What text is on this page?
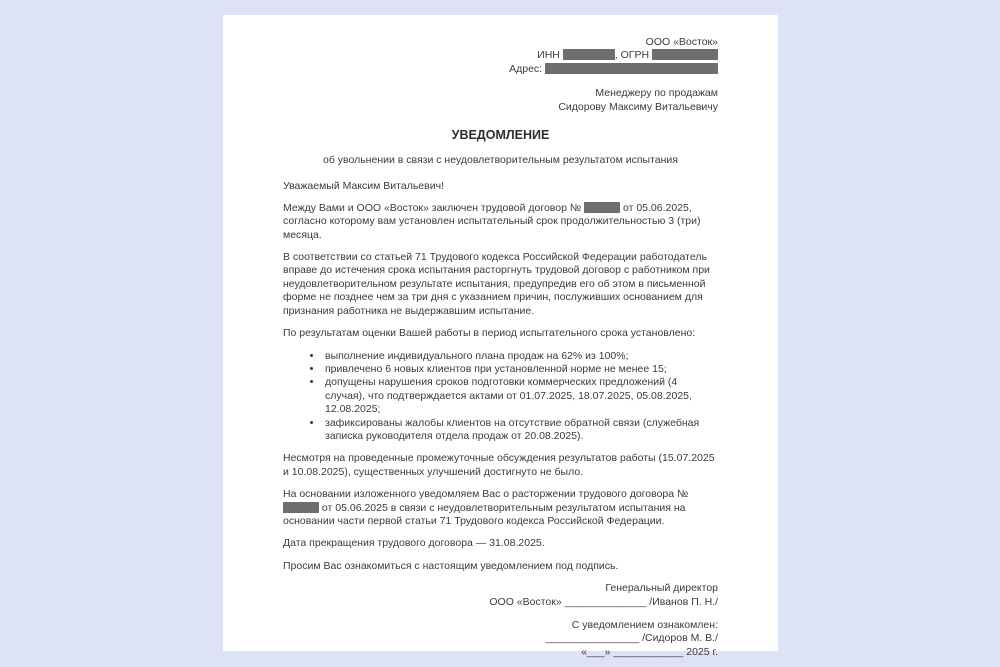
ООО «Восток»
ИНН	, ОГРН
Адрес:
Менеджеру по продажам
Сидорову Максиму Витальевичу
УВЕДОМЛЕНИЕ
об увольнении в связи с неудовлетворительным результатом испытания

Уважаемый Максим Витальевич!

Между Вами и ООО «Восток» заключен трудовой договор №	от 05.06.2025, согласно которому вам установлен испытательный срок продолжительностью 3 (три) месяца.
В соответствии со статьей 71 Трудового кодекса Российской Федерации работодатель вправе до истечения срока испытания расторгнуть трудовой договор с работником при неудовлетворительном результате испытания, предупредив его об этом в письменной форме не позднее чем за три дня с указанием причин, послуживших основанием для признания работника не выдержавшим испытание.
По результатам оценки Вашей работы в период испытательного срока установлено:
• выполнение индивидуального плана продаж на 62% из 100%;
• привлечено 6 новых клиентов при установленной норме не менее 15;
• допущены нарушения сроков подготовки коммерческих предложений (4 случая), что подтверждается актами от 01.07.2025, 18.07.2025, 05.08.2025, 12.08.2025;
• зафиксированы жалобы клиентов на отсутствие обратной связи (служебная записка руководителя отдела продаж от 20.08.2025).
Несмотря на проведенные промежуточные обсуждения результатов работы (15.07.2025 и 10.08.2025), существенных улучшений достигнуто не было.
На основании изложенного уведомляем Вас о расторжении трудового договора №  от 05.06.2025 в связи с неудовлетворительным результатом испытания на основании части первой статьи 71 Трудового кодекса Российской Федерации.
Дата прекращения трудового договора — 31.08.2025.
Просим Вас ознакомиться с настоящим уведомлением под подпись.
Генеральный директор
ООО «Восток» ______________ /Иванов П. Н./
С уведомлением ознакомлен:
________________ /Сидоров М. В./
«___» ____________ 2025 г.
